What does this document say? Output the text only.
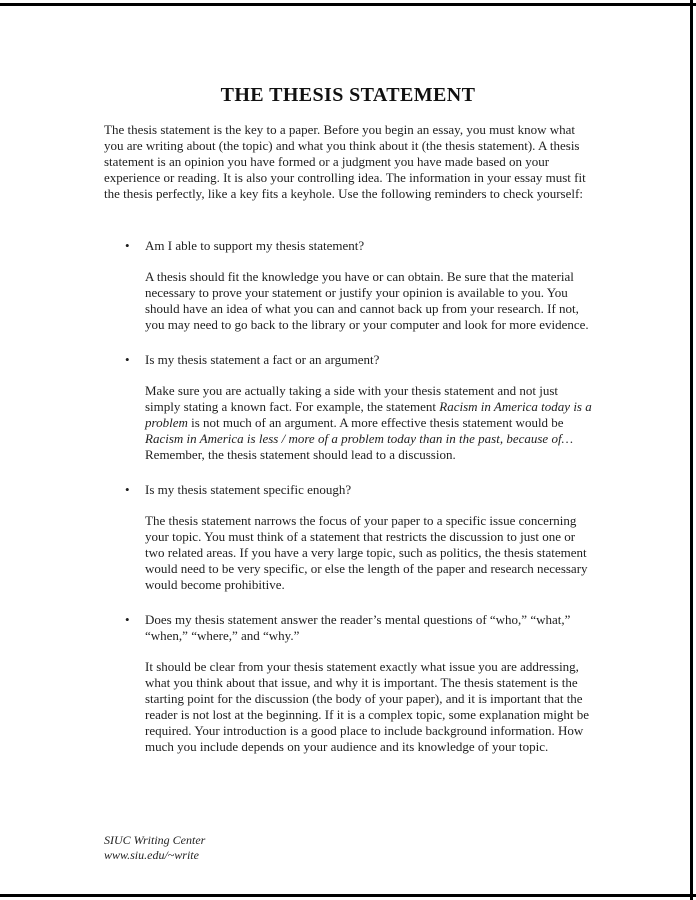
THE THESIS STATEMENT

The thesis statement is the key to a paper. Before you begin an essay, you must know what you are writing about (the topic) and what you think about it (the thesis statement). A thesis statement is an opinion you have formed or a judgment you have made based on your experience or reading. It is also your controlling idea. The information in your essay must fit the thesis perfectly, like a key fits a keyhole. Use the following reminders to check yourself:

• Am I able to support my thesis statement?

A thesis should fit the knowledge you have or can obtain. Be sure that the material necessary to prove your statement or justify your opinion is available to you. You should have an idea of what you can and cannot back up from your research. If not, you may need to go back to the library or your computer and look for more evidence.

• Is my thesis statement a fact or an argument?

Make sure you are actually taking a side with your thesis statement and not just simply stating a known fact. For example, the statement Racism in America today is a problem is not much of an argument. A more effective thesis statement would be Racism in America is less / more of a problem today than in the past, because of… Remember, the thesis statement should lead to a discussion.

• Is my thesis statement specific enough?

The thesis statement narrows the focus of your paper to a specific issue concerning your topic. You must think of a statement that restricts the discussion to just one or two related areas. If you have a very large topic, such as politics, the thesis statement would need to be very specific, or else the length of the paper and research necessary would become prohibitive.

• Does my thesis statement answer the reader’s mental questions of “who,” “what,” “when,” “where,” and “why.”

It should be clear from your thesis statement exactly what issue you are addressing, what you think about that issue, and why it is important. The thesis statement is the starting point for the discussion (the body of your paper), and it is important that the reader is not lost at the beginning. If it is a complex topic, some explanation might be required. Your introduction is a good place to include background information. How much you include depends on your audience and its knowledge of your topic.

SIUC Writing Center
www.siu.edu/~write
